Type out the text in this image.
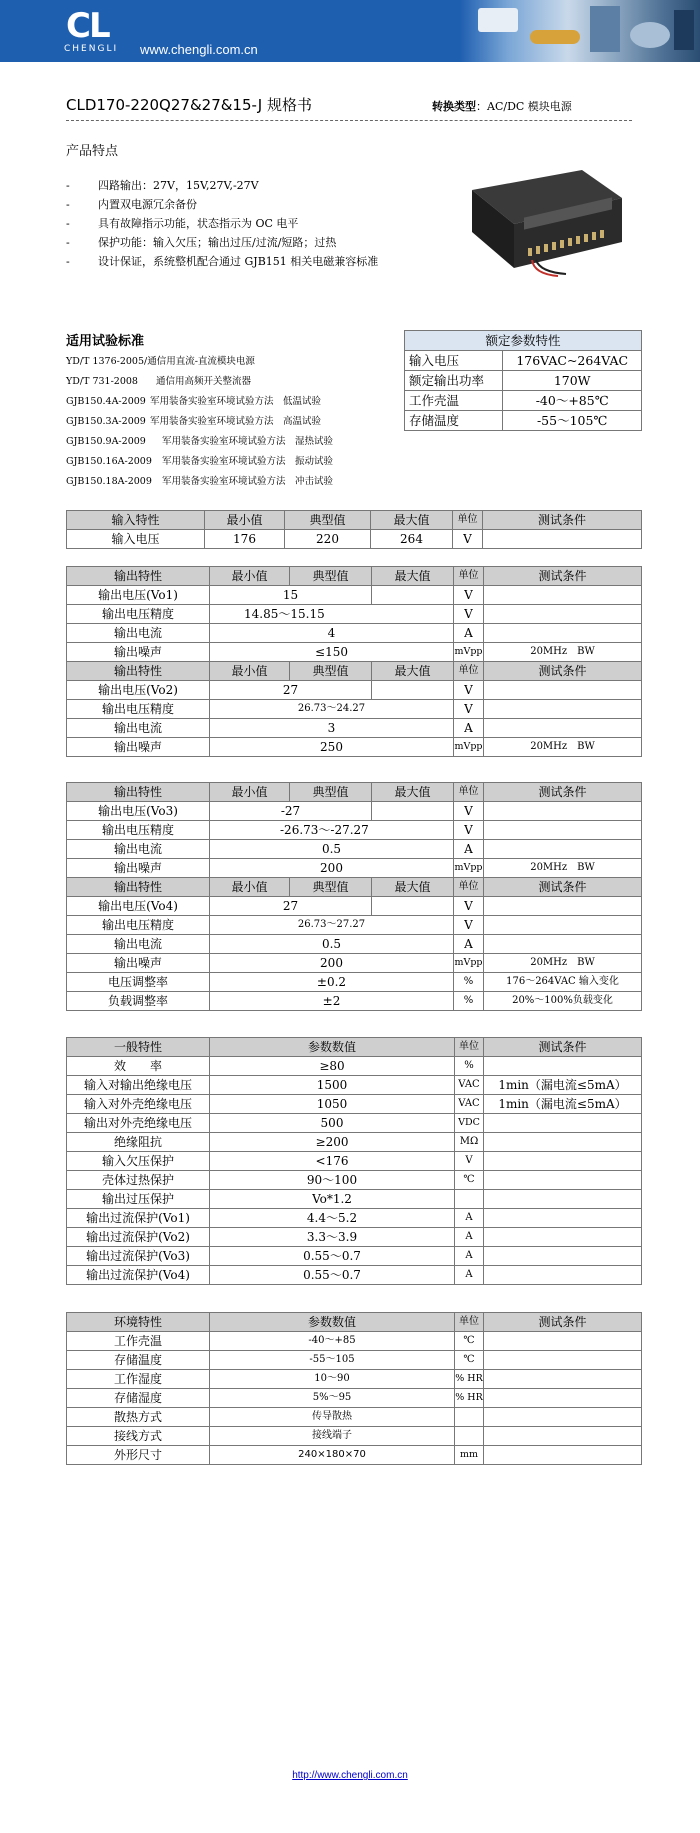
CL
CHENGLI www.chengli.com.cn
CLD170-220Q27&27&15-J 规格书	转换类型：AC/DC 模块电源
产品特点
-	四路输出：27V，15V,27V,-27V
-	内置双电源冗余备份
-	具有故障指示功能，状态指示为 OC 电平
-	保护功能：输入欠压；输出过压/过流/短路；过热
-	设计保证，系统整机配合通过 GJB151 相关电磁兼容标准
适用试验标准
YD/T 1376-2005/通信用直流-直流模块电源
YD/T 731-2008 通信用高频开关整流器
GJB150.4A-2009 军用装备实验室环境试验方法　低温试验
GJB150.3A-2009 军用装备实验室环境试验方法　高温试验
GJB150.9A-2009 军用装备实验室环境试验方法　湿热试验
GJB150.16A-2009 军用装备实验室环境试验方法　振动试验
GJB150.18A-2009 军用装备实验室环境试验方法　冲击试验
额定参数特性	
输入电压	176VAC~264VAC
额定输出功率	170W
工作壳温	-40～+85℃
存储温度	-55～105℃
输入特性	最小值	典型值	最大值	单位	测试条件
输入电压	176	220	264	V	
输出特性	最小值	典型值	最大值	单位	测试条件
输出电压(Vo1)	15			V	
输出电压精度	14.85～15.15			V	
输出电流	4			A	
输出噪声	≤150			mVpp	20MHz　BW
输出特性	最小值	典型值	最大值	单位	测试条件
输出电压(Vo2)	27			V	
输出电压精度	26.73～24.27			V	
输出电流	3			A	
输出噪声	250			mVpp	20MHz　BW
输出特性	最小值	典型值	最大值	单位	测试条件
输出电压(Vo3)	-27			V	
输出电压精度	-26.73～-27.27			V	
输出电流	0.5			A	
输出噪声	200			mVpp	20MHz　BW
输出特性	最小值	典型值	最大值	单位	测试条件
输出电压(Vo4)	27			V	
输出电压精度	26.73～27.27			V	
输出电流	0.5			A	
输出噪声	200			mVpp	20MHz　BW
电压调整率	±0.2			%	176～264VAC 输入变化
负载调整率	±2			%	20%～100%负载变化
一般特性	参数数值	单位	测试条件
效　　率	≥80	%	
输入对输出绝缘电压	1500	VAC	1min（漏电流≤5mA）
输入对外壳绝缘电压	1050	VAC	1min（漏电流≤5mA）
输出对外壳绝缘电压	500	VDC	
绝缘阻抗	≥200	MΩ	
输入欠压保护	<176	V	
壳体过热保护	90～100	℃	
输出过压保护	Vo*1.2		
输出过流保护(Vo1)	4.4～5.2	A	
输出过流保护(Vo2)	3.3～3.9	A	
输出过流保护(Vo3)	0.55～0.7	A	
输出过流保护(Vo4)	0.55～0.7	A	
环境特性	参数数值	单位	测试条件
工作壳温	-40～+85	℃	
存储温度	-55～105	℃	
工作湿度	10～90	% HR	
存储湿度	5%～95	% HR	
散热方式	传导散热		
接线方式	接线端子		
外形尺寸	240×180×70	mm	
http://www.chengli.com.cn
